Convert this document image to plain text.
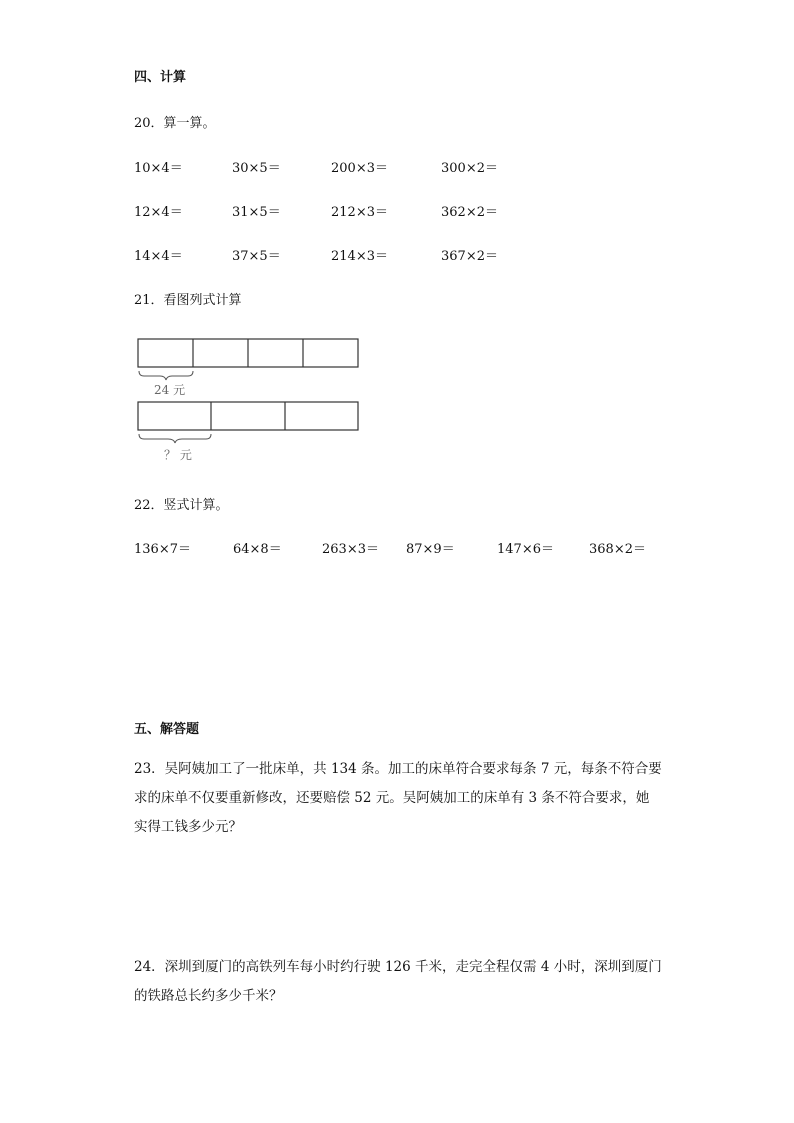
四、计算
20．算一算。
10×4＝	30×5＝	200×3＝	300×2＝
12×4＝	31×5＝	212×3＝	362×2＝
14×4＝	37×5＝	214×3＝	367×2＝
21．看图列式计算
24 元
？ 元
22．竖式计算。
136×7＝	64×8＝	263×3＝ 87×9＝	147×6＝	368×2＝
五、解答题
23．吴阿姨加工了一批床单，共 134 条。加工的床单符合要求每条 7 元，每条不符合要
求的床单不仅要重新修改，还要赔偿 52 元。吴阿姨加工的床单有 3 条不符合要求，她
实得工钱多少元？
24．深圳到厦门的高铁列车每小时约行驶 126 千米，走完全程仅需 4 小时，深圳到厦门
的铁路总长约多少千米？
